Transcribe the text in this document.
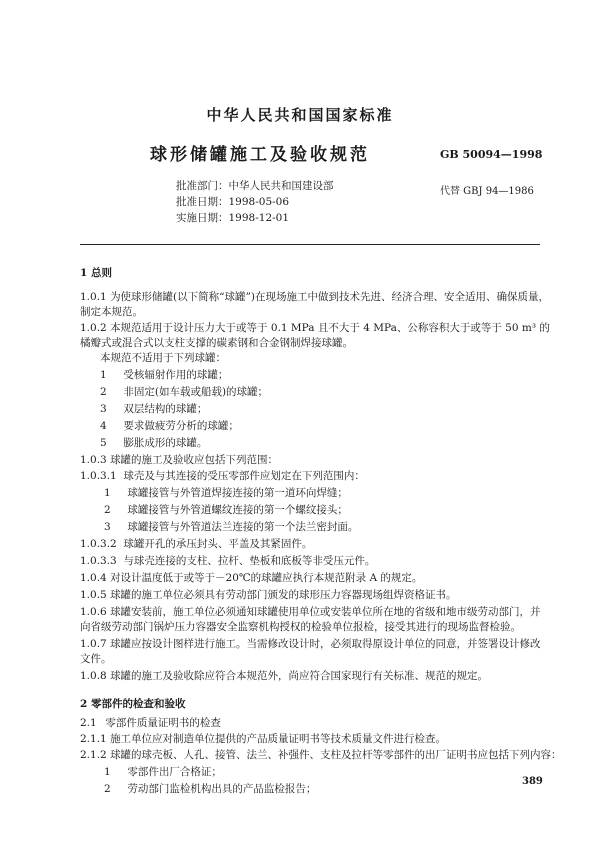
中华人民共和国国家标准
球形储罐施工及验收规范	GB 50094—1998
批准部门：中华人民共和国建设部
批准日期：1998-05-06
实施日期：1998-12-01
代替 GBJ 94—1986
1 总则
1.0.1 为使球形储罐(以下简称“球罐”)在现场施工中做到技术先进、经济合理、安全适用、确保质量，
制定本规范。
1.0.2 本规范适用于设计压力大于或等于 0.1 MPa 且不大于 4 MPa、公称容积大于或等于 50 m³ 的
橘瓣式或混合式以支柱支撑的碳素钢和合金钢制焊接球罐。
本规范不适用于下列球罐：
1 受核辐射作用的球罐；
2 非固定(如车载或船载)的球罐；
3 双层结构的球罐；
4 要求做疲劳分析的球罐；
5 膨胀成形的球罐。
1.0.3 球罐的施工及验收应包括下列范围：
1.0.3.1 球壳及与其连接的受压零部件应划定在下列范围内：
1 球罐接管与外管道焊接连接的第一道环向焊缝；
2 球罐接管与外管道螺纹连接的第一个螺纹接头；
3 球罐接管与外管道法兰连接的第一个法兰密封面。
1.0.3.2 球罐开孔的承压封头、平盖及其紧固件。
1.0.3.3 与球壳连接的支柱、拉杆、垫板和底板等非受压元件。
1.0.4 对设计温度低于或等于－20℃的球罐应执行本规范附录 A 的规定。
1.0.5 球罐的施工单位必须具有劳动部门颁发的球形压力容器现场组焊资格证书。
1.0.6 球罐安装前，施工单位必须通知球罐使用单位或安装单位所在地的省级和地市级劳动部门，并
向省级劳动部门锅炉压力容器安全监察机构授权的检验单位报检，接受其进行的现场监督检验。
1.0.7 球罐应按设计图样进行施工。当需修改设计时，必须取得原设计单位的同意，并签署设计修改
文件。
1.0.8 球罐的施工及验收除应符合本规范外，尚应符合国家现行有关标准、规范的规定。
2 零部件的检查和验收
2.1 零部件质量证明书的检查
2.1.1 施工单位应对制造单位提供的产品质量证明书等技术质量文件进行检查。
2.1.2 球罐的球壳板、人孔、接管、法兰、补强件、支柱及拉杆等零部件的出厂证明书应包括下列内容：
1 零部件出厂合格证；
2 劳动部门监检机构出具的产品监检报告；
389
